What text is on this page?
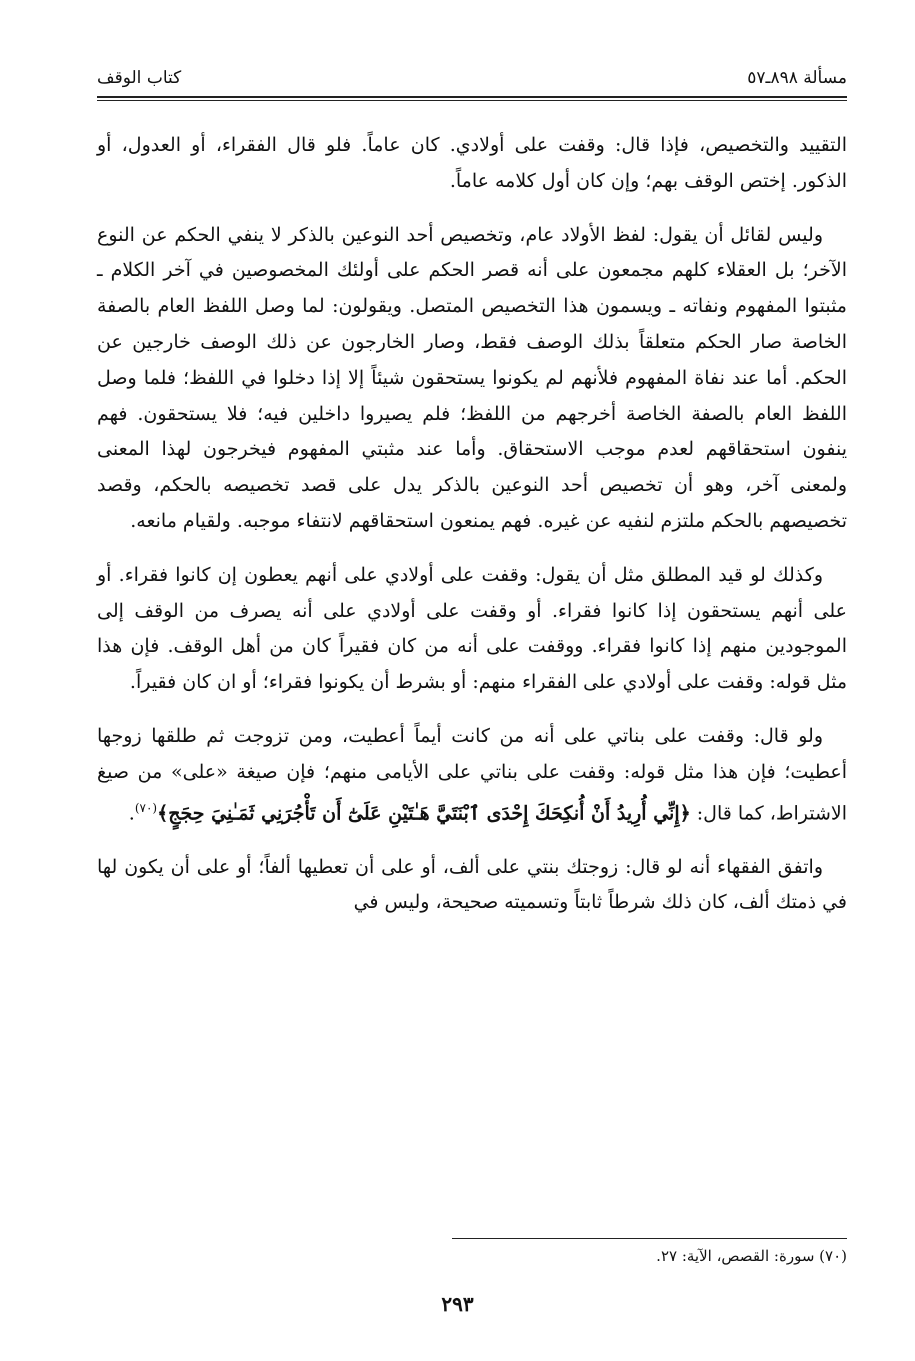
مسألة ٨٩٨ـ٥٧
كتاب الوقف

التقييد والتخصيص، فإذا قال: وقفت على أولادي. كان عاماً. فلو قال الفقراء، أو العدول، أو الذكور. إختص الوقف بهم؛ وإن كان أول كلامه عاماً.

وليس لقائل أن يقول: لفظ الأولاد عام، وتخصيص أحد النوعين بالذكر لا ينفي الحكم عن النوع الآخر؛ بل العقلاء كلهم مجمعون على أنه قصر الحكم على أولئك المخصوصين في آخر الكلام ـ مثبتوا المفهوم ونفاته ـ ويسمون هذا التخصيص المتصل. ويقولون: لما وصل اللفظ العام بالصفة الخاصة صار الحكم متعلقاً بذلك الوصف فقط، وصار الخارجون عن ذلك الوصف خارجين عن الحكم. أما عند نفاة المفهوم فلأنهم لم يكونوا يستحقون شيئاً إلا إذا دخلوا في اللفظ؛ فلما وصل اللفظ العام بالصفة الخاصة أخرجهم من اللفظ؛ فلم يصيروا داخلين فيه؛ فلا يستحقون. فهم ينفون استحقاقهم لعدم موجب الاستحقاق. وأما عند مثبتي المفهوم فيخرجون لهذا المعنى ولمعنى آخر، وهو أن تخصيص أحد النوعين بالذكر يدل على قصد تخصيصه بالحكم، وقصد تخصيصهم بالحكم ملتزم لنفيه عن غيره. فهم يمنعون استحقاقهم لانتفاء موجبه. ولقيام مانعه.

وكذلك لو قيد المطلق مثل أن يقول: وقفت على أولادي على أنهم يعطون إن كانوا فقراء. أو على أنهم يستحقون إذا كانوا فقراء. أو وقفت على أولادي على أنه يصرف من الوقف إلى الموجودين منهم إذا كانوا فقراء. ووقفت على أنه من كان فقيراً كان من أهل الوقف. فإن هذا مثل قوله: وقفت على أولادي على الفقراء منهم: أو بشرط أن يكونوا فقراء؛ أو ان كان فقيراً.

ولو قال: وقفت على بناتي على أنه من كانت أيماً أعطيت، ومن تزوجت ثم طلقها زوجها أعطيت؛ فإن هذا مثل قوله: وقفت على بناتي على الأيامى منهم؛ فإن صيغة «على» من صيغ الاشتراط، كما قال: ﴿إِنِّي أُرِيدُ أَنْ أُنكِحَكَ إِحْدَى ٱبْنَتَيَّ هَـٰتَيْنِ عَلَىٰٓ أَن تَأْجُرَنِي ثَمَـٰنِيَ حِجَجٍ﴾$^{(٧٠)}$.

واتفق الفقهاء أنه لو قال: زوجتك بنتي على ألف، أو على أن تعطيها ألفاً؛ أو على أن يكون لها في ذمتك ألف، كان ذلك شرطاً ثابتاً وتسميته صحيحة، وليس في

(٧٠) سورة: القصص، الآية: ٢٧.
٢٩٣
